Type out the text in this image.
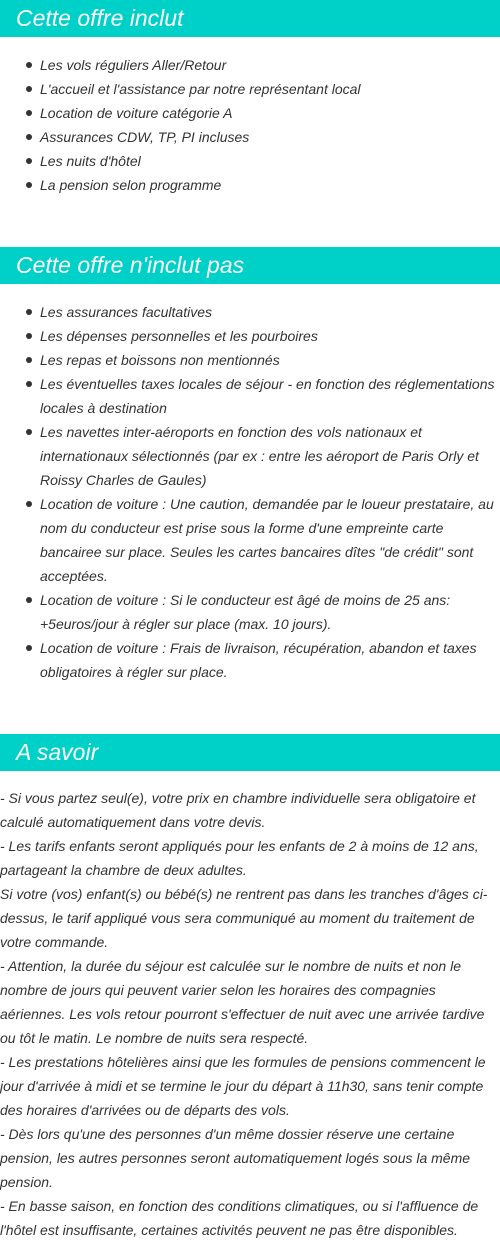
Cette offre inclut
Les vols réguliers Aller/Retour
L'accueil et l'assistance par notre représentant local
Location de voiture catégorie A
Assurances CDW, TP, PI incluses
Les nuits d'hôtel
La pension selon programme
Cette offre n'inclut pas
Les assurances facultatives
Les dépenses personnelles et les pourboires
Les repas et boissons non mentionnés
Les éventuelles taxes locales de séjour - en fonction des réglementations locales à destination
Les navettes inter-aéroports en fonction des vols nationaux et internationaux sélectionnés (par ex : entre les aéroport de Paris Orly et Roissy Charles de Gaules)
Location de voiture : Une caution, demandée par le loueur prestataire, au nom du conducteur est prise sous la forme d'une empreinte carte bancairee sur place. Seules les cartes bancaires dîtes "de crédit" sont acceptées.
Location de voiture : Si le conducteur est âgé de moins de 25 ans: +5euros/jour à régler sur place (max. 10 jours).
Location de voiture : Frais de livraison, récupération, abandon et taxes obligatoires à régler sur place.
A savoir

- Si vous partez seul(e), votre prix en chambre individuelle sera obligatoire et calculé automatiquement dans votre devis.

- Les tarifs enfants seront appliqués pour les enfants de 2 à moins de 12 ans, partageant la chambre de deux adultes.

Si votre (vos) enfant(s) ou bébé(s) ne rentrent pas dans les tranches d'âges ci-dessus, le tarif appliqué vous sera communiqué au moment du traitement de votre commande.

- Attention, la durée du séjour est calculée sur le nombre de nuits et non le nombre de jours qui peuvent varier selon les horaires des compagnies aériennes. Les vols retour pourront s'effectuer de nuit avec une arrivée tardive ou tôt le matin. Le nombre de nuits sera respecté.

- Les prestations hôtelières ainsi que les formules de pensions commencent le jour d'arrivée à midi et se termine le jour du départ à 11h30, sans tenir compte des horaires d'arrivées ou de départs des vols.

- Dès lors qu'une des personnes d'un même dossier réserve une certaine pension, les autres personnes seront automatiquement logés sous la même pension.

- En basse saison, en fonction des conditions climatiques, ou si l'affluence de l'hôtel est insuffisante, certaines activités peuvent ne pas être disponibles.
